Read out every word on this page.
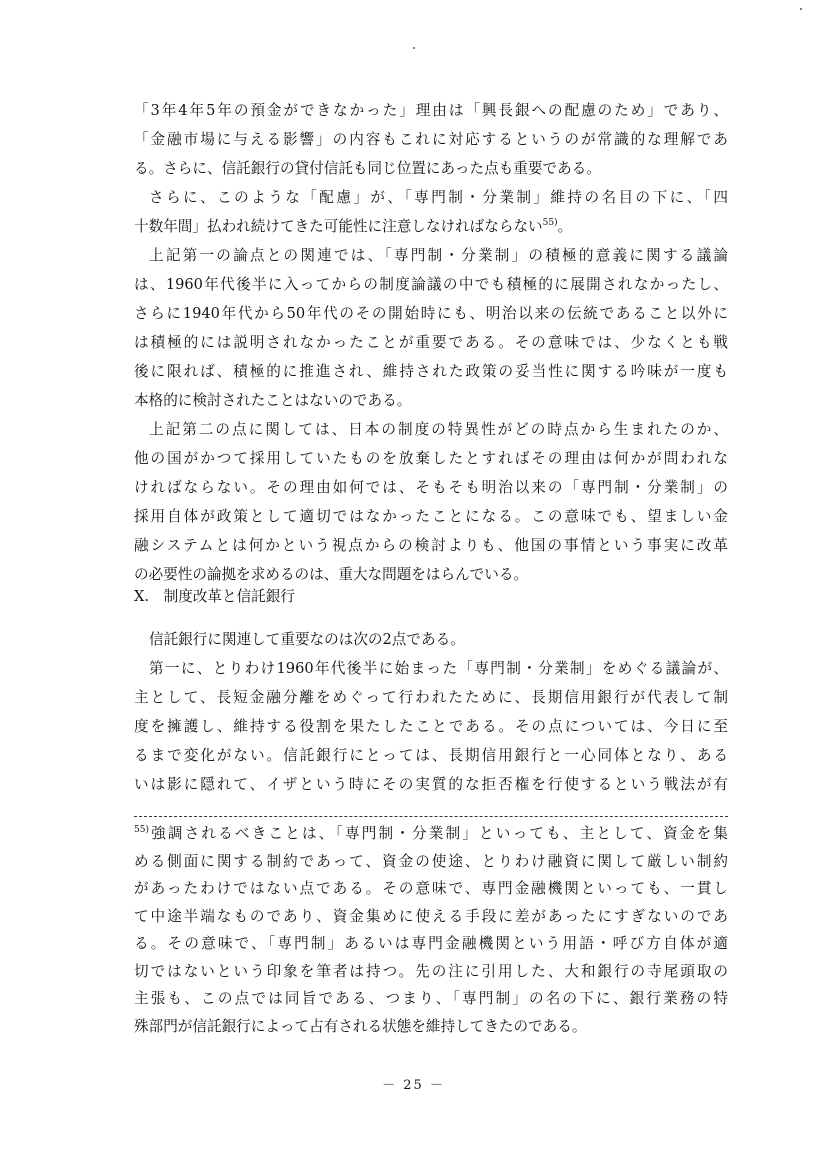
「3年4年5年の預金ができなかった」理由は「興長銀への配慮のため」であり、
「金融市場に与える影響」の内容もこれに対応するというのが常識的な理解であ
る。さらに、信託銀行の貸付信託も同じ位置にあった点も重要である。
さらに、このような「配慮」が、「専門制・分業制」維持の名目の下に、「四
十数年間」払われ続けてきた可能性に注意しなければならない$^{55)}$。
上記第一の論点との関連では、「専門制・分業制」の積極的意義に関する議論
は、1960年代後半に入ってからの制度論議の中でも積極的に展開されなかったし、
さらに1940年代から50年代のその開始時にも、明治以来の伝統であること以外に
は積極的には説明されなかったことが重要である。その意味では、少なくとも戦
後に限れば、積極的に推進され、維持された政策の妥当性に関する吟味が一度も
本格的に検討されたことはないのである。
上記第二の点に関しては、日本の制度の特異性がどの時点から生まれたのか、
他の国がかつて採用していたものを放棄したとすればその理由は何かが問われな
ければならない。その理由如何では、そもそも明治以来の「専門制・分業制」の
採用自体が政策として適切ではなかったことになる。この意味でも、望ましい金
融システムとは何かという視点からの検討よりも、他国の事情という事実に改革
の必要性の論拠を求めるのは、重大な問題をはらんでいる。
X.　制度改革と信託銀行
信託銀行に関連して重要なのは次の2点である。
第一に、とりわけ1960年代後半に始まった「専門制・分業制」をめぐる議論が、
主として、長短金融分離をめぐって行われたために、長期信用銀行が代表して制
度を擁護し、維持する役割を果たしたことである。その点については、今日に至
るまで変化がない。信託銀行にとっては、長期信用銀行と一心同体となり、ある
いは影に隠れて、イザという時にその実質的な拒否権を行使するという戦法が有
$^{55)}$強調されるべきことは、「専門制・分業制」といっても、主として、資金を集
める側面に関する制約であって、資金の使途、とりわけ融資に関して厳しい制約
があったわけではない点である。その意味で、専門金融機関といっても、一貫し
て中途半端なものであり、資金集めに使える手段に差があったにすぎないのであ
る。その意味で、「専門制」あるいは専門金融機関という用語・呼び方自体が適
切ではないという印象を筆者は持つ。先の注に引用した、大和銀行の寺尾頭取の
主張も、この点では同旨である、つまり、「専門制」の名の下に、銀行業務の特
殊部門が信託銀行によって占有される状態を維持してきたのである。
－ 25 －
